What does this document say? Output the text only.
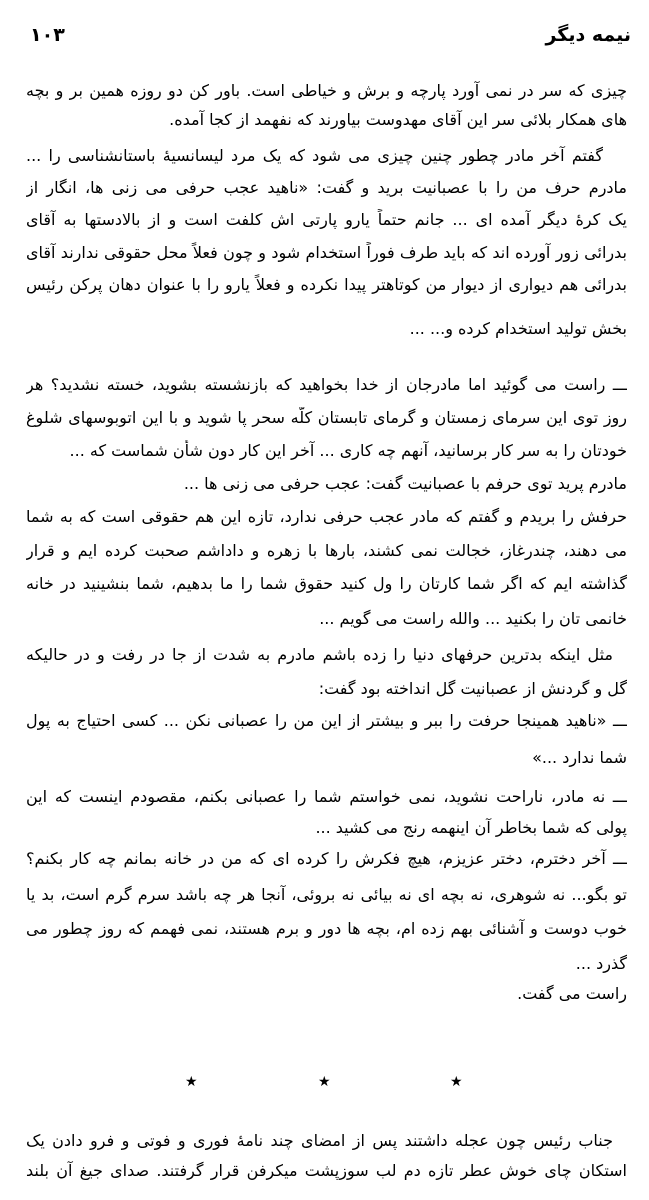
نیمه دیگر
۱۰۳
چیزی که سر در نمی آورد پارچه و برش و خیاطی است. باور کن دو روزه همین بر و بچه
های همکار بلائی سر این آقای مهدوست بیاورند که نفهمد از کجا آمده.
گفتم آخر مادر چطور چنین چیزی می شود که یک مرد لیسانسیهٔ باستانشناسی را ...
مادرم حرف من را با عصبانیت برید و گفت: «ناهید عجب حرفی می زنی ها، انگار از
یک کرهٔ دیگر آمده ای ... جانم حتماً یارو پارتی اش کلفت است و از بالادستها به آقای
بدرائی زور آورده اند که باید طرف فوراً استخدام شود و چون فعلاً محل حقوقی ندارند آقای
بدرائی هم دیواری از دیوار من کوتاهتر پیدا نکرده و فعلاً یارو را با عنوان دهان پرکن رئیس
بخش تولید استخدام کرده و... ...
ـــ راست می گوئید اما مادرجان از خدا بخواهید که بازنشسته بشوید، خسته نشدید؟ هر
روز توی این سرمای زمستان و گرمای تابستان کلّه سحر پا شوید و با این اتوبوسهای شلوغ
خودتان را به سر کار برسانید، آنهم چه کاری ... آخر این کار دون شأن شماست که ...
مادرم پرید توی حرفم با عصبانیت گفت: عجب حرفی می زنی ها ...
حرفش را بریدم و گفتم که مادر عجب حرفی ندارد، تازه این هم حقوقی است که به شما
می دهند، چندرغاز، خجالت نمی کشند، بارها با زهره و داداشم صحبت کرده ایم و قرار
گذاشته ایم که اگر شما کارتان را ول کنید حقوق شما را ما بدهیم، شما بنشینید در خانه
خانمی تان را بکنید ... والله راست می گویم ...
مثل اینکه بدترین حرفهای دنیا را زده باشم مادرم به شدت از جا در رفت و در حالیکه
گل و گردنش از عصبانیت گل انداخته بود گفت:
ـــ «ناهید همینجا حرفت را ببر و بیشتر از این من را عصبانی نکن ... کسی احتیاج به پول
شما ندارد ...»
ـــ نه مادر، ناراحت نشوید، نمی خواستم شما را عصبانی بکنم، مقصودم اینست که این
پولی که شما بخاطر آن اینهمه رنج می کشید ...
ـــ آخر دخترم، دختر عزیزم، هیچ فکرش را کرده ای که من در خانه بمانم چه کار بکنم؟
تو بگو... نه شوهری، نه بچه ای نه بیائی نه بروئی، آنجا هر چه باشد سرم گرم است، بد یا
خوب دوست و آشنائی بهم زده ام، بچه ها دور و برم هستند، نمی فهمم که روز چطور می
گذرد ...
راست می گفت.
★	★	★
جناب رئیس چون عجله داشتند پس از امضای چند نامهٔ فوری و فوتی و فرو دادن یک
استکان چای خوش عطر تازه دم لب سوزپشت میکرفن قرار گرفتند. صدای جیغ آن بلند
